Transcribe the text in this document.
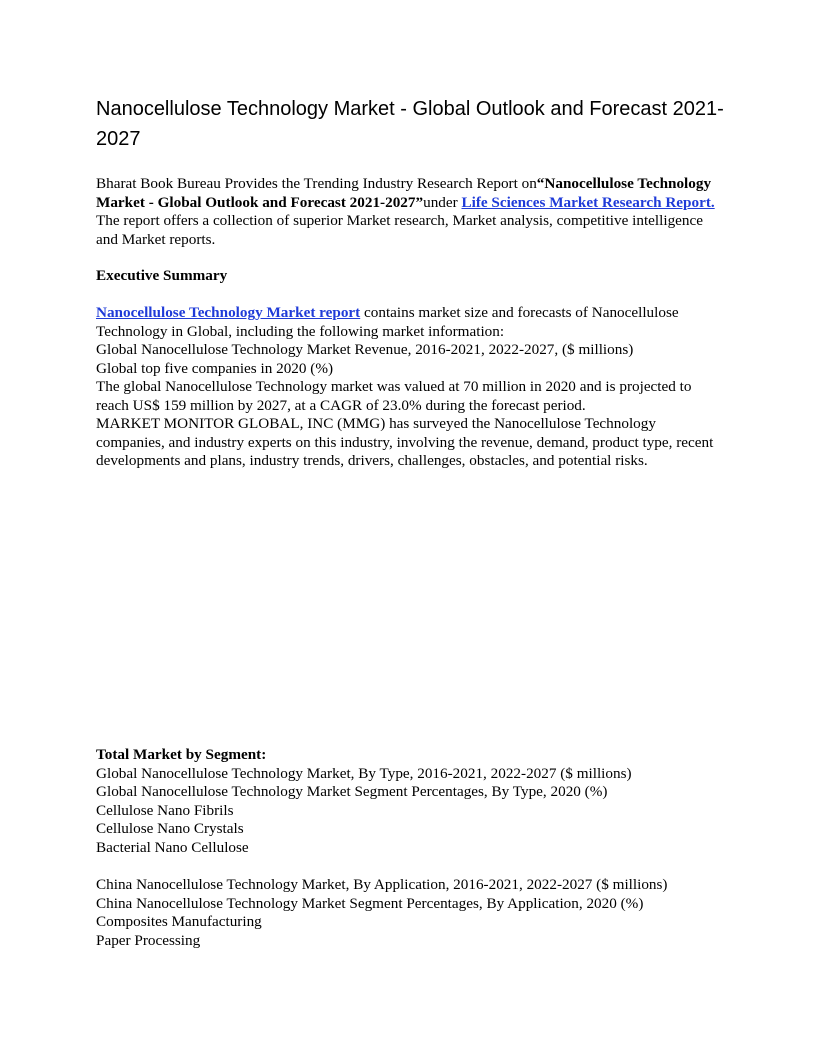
Nanocellulose Technology Market - Global Outlook and Forecast 2021-2027

Bharat Book Bureau Provides the Trending Industry Research Report on“Nanocellulose Technology Market - Global Outlook and Forecast 2021-2027”under Life Sciences Market Research Report. The report offers a collection of superior Market research, Market analysis, competitive intelligence and Market reports.

Executive Summary

Nanocellulose Technology Market report contains market size and forecasts of Nanocellulose Technology in Global, including the following market information:
Global Nanocellulose Technology Market Revenue, 2016-2021, 2022-2027, ($ millions)
Global top five companies in 2020 (%)
The global Nanocellulose Technology market was valued at 70 million in 2020 and is projected to reach US$ 159 million by 2027, at a CAGR of 23.0% during the forecast period.
MARKET MONITOR GLOBAL, INC (MMG) has surveyed the Nanocellulose Technology companies, and industry experts on this industry, involving the revenue, demand, product type, recent developments and plans, industry trends, drivers, challenges, obstacles, and potential risks.
Total Market by Segment:
Global Nanocellulose Technology Market, By Type, 2016-2021, 2022-2027 ($ millions)
Global Nanocellulose Technology Market Segment Percentages, By Type, 2020 (%)
Cellulose Nano Fibrils
Cellulose Nano Crystals
Bacterial Nano Cellulose
China Nanocellulose Technology Market, By Application, 2016-2021, 2022-2027 ($ millions)
China Nanocellulose Technology Market Segment Percentages, By Application, 2020 (%)
Composites Manufacturing
Paper Processing
